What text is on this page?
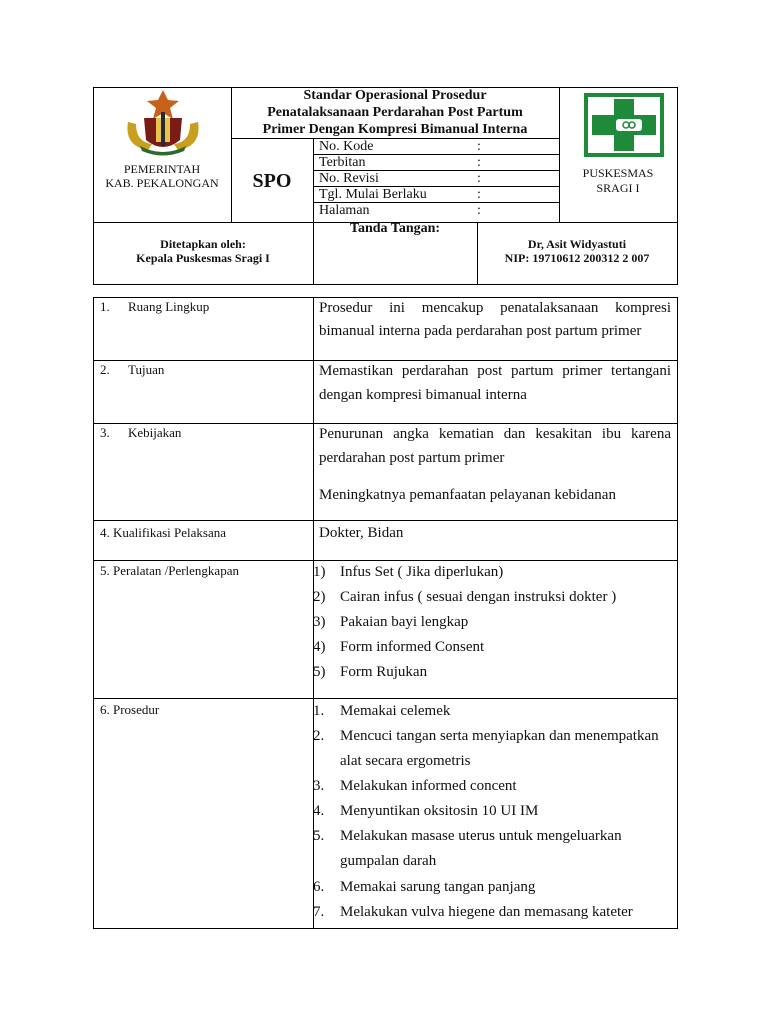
PEMERINTAH
KAB. PEKALONGAN
Standar Operasional Prosedur
Penatalaksanaan Perdarahan Post Partum
Primer Dengan Kompresi Bimanual Interna
SPO
No. Kode	:
Terbitan	:
No. Revisi	:
Tgl. Mulai Berlaku	:
Halaman	:
PUSKESMAS
SRAGI I
Ditetapkan oleh:
Kepala Puskesmas Sragi I
Tanda Tangan:
Dr, Asit Widyastuti
NIP: 19710612 200312 2 007
1. Ruang Lingkup	Prosedur ini mencakup penatalaksanaan kompresi
bimanual interna pada perdarahan post partum primer
2. Tujuan	Memastikan perdarahan post partum primer tertangani
dengan kompresi bimanual interna
3. Kebijakan	Penurunan angka kematian dan kesakitan ibu karena
perdarahan post partum primer
Meningkatnya pemanfaatan pelayanan kebidanan
4. Kualifikasi Pelaksana	Dokter, Bidan
5. Peralatan /Perlengkapan	1) Infus Set ( Jika diperlukan)
2) Cairan infus ( sesuai dengan instruksi dokter )
3) Pakaian bayi lengkap
4) Form informed Consent
5) Form Rujukan
6. Prosedur	1. Memakai celemek
2. Mencuci tangan serta menyiapkan dan menempatkan
alat secara ergometris
3. Melakukan informed concent
4. Menyuntikan oksitosin 10 UI IM
5. Melakukan masase uterus untuk mengeluarkan
gumpalan darah
6. Memakai sarung tangan panjang
7. Melakukan vulva hiegene dan memasang kateter
